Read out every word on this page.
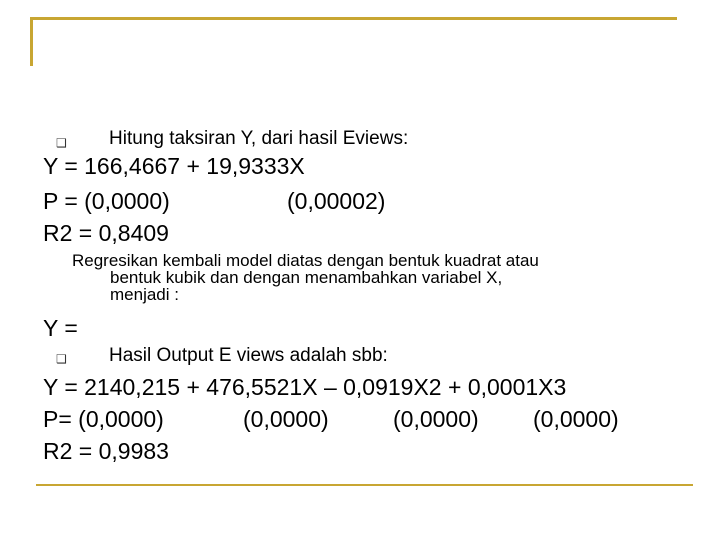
❑ Hitung taksiran Y, dari hasil Eviews:
Y = 166,4667 + 19,9333X
P = (0,0000)	(0,00002)
R2 = 0,8409
Regresikan kembali model diatas dengan bentuk kuadrat atau
bentuk kubik dan dengan menambahkan variabel X,
menjadi :
Y =
❑ Hasil Output E views adalah sbb:
Y = 2140,215 + 476,5521X – 0,0919X2 + 0,0001X3
P= (0,0000)	(0,0000)	(0,0000) (0,0000)
R2 = 0,9983
